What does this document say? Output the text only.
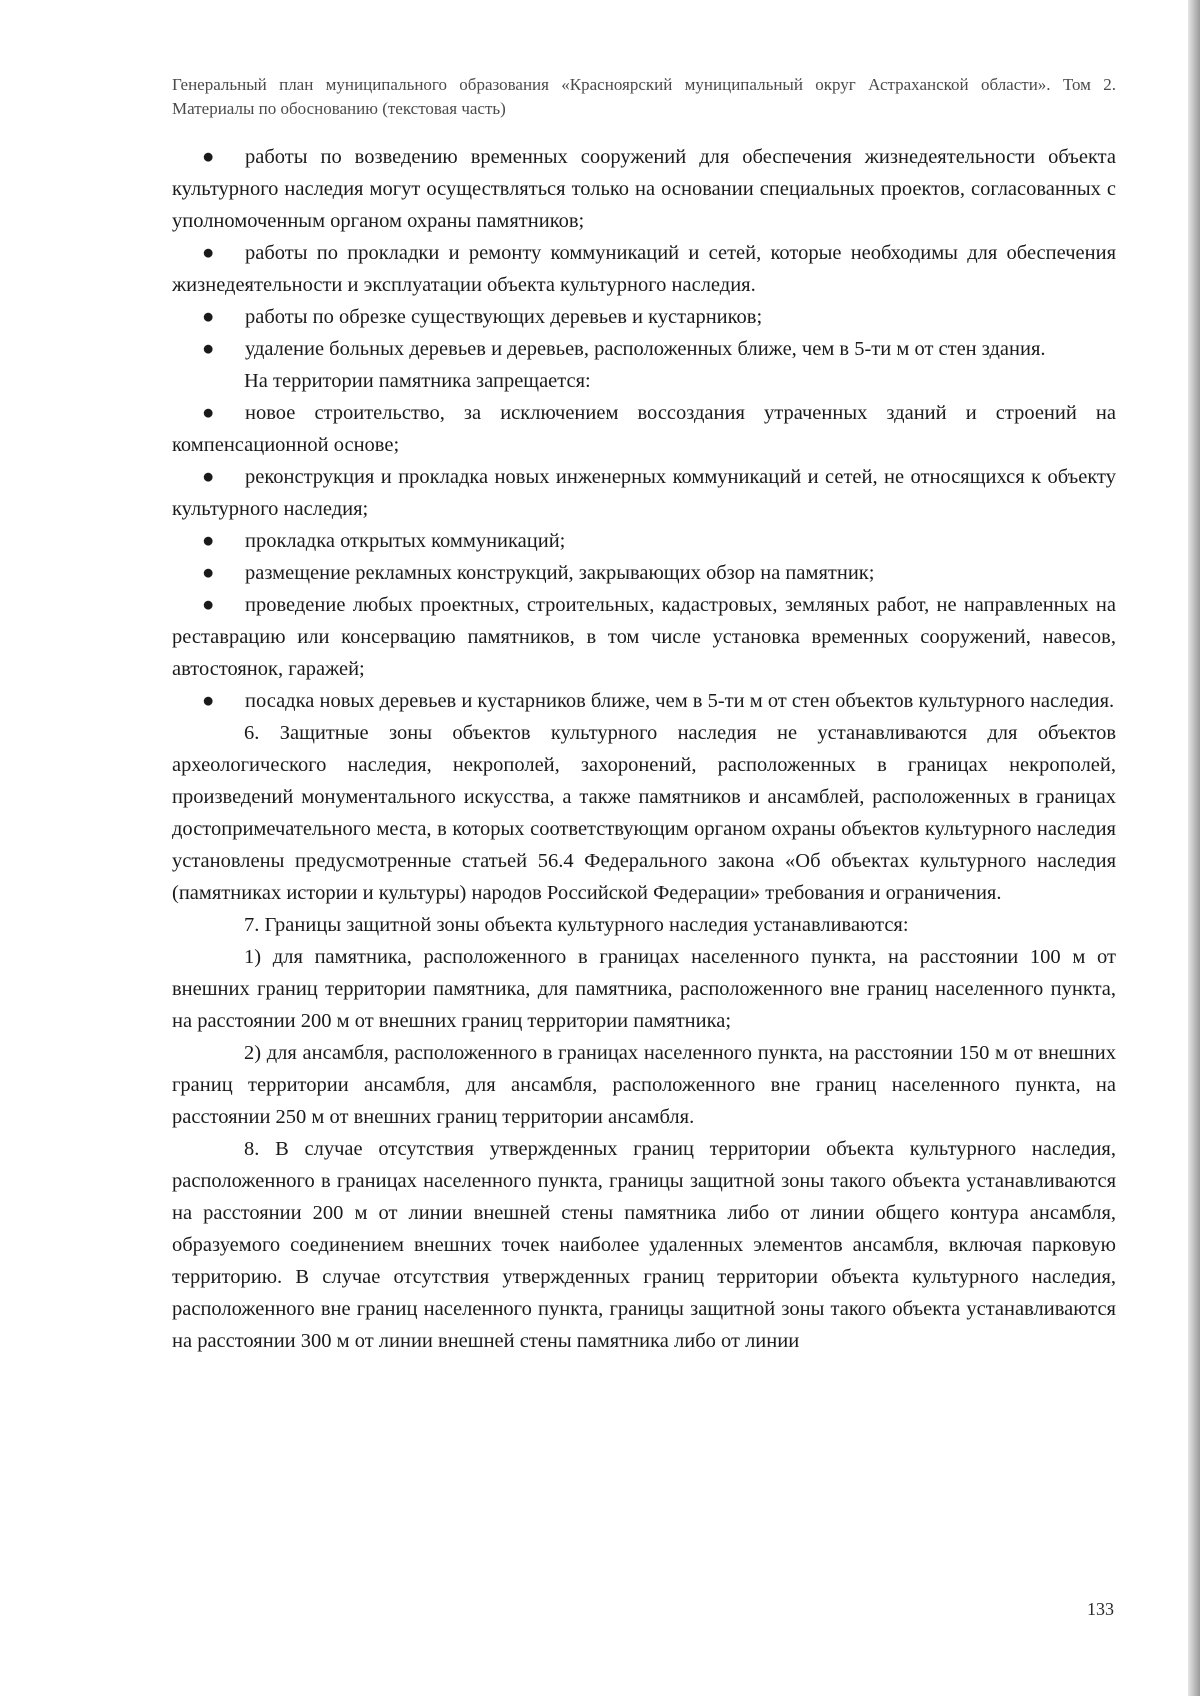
Генеральный план муниципального образования «Красноярский муниципальный округ Астраханской области». Том 2. Материалы по обоснованию (текстовая часть)

● работы по возведению временных сооружений для обеспечения жизнедеятельности объекта культурного наследия могут осуществляться только на основании специальных проектов, согласованных с уполномоченным органом охраны памятников;

● работы по прокладки и ремонту коммуникаций и сетей, которые необходимы для обеспечения жизнедеятельности и эксплуатации объекта культурного наследия.

● работы по обрезке существующих деревьев и кустарников;

● удаление больных деревьев и деревьев, расположенных ближе, чем в 5-ти м от стен здания.

На территории памятника запрещается:

● новое строительство, за исключением воссоздания утраченных зданий и строений на компенсационной основе;

● реконструкция и прокладка новых инженерных коммуникаций и сетей, не относящихся к объекту культурного наследия;

● прокладка открытых коммуникаций;

● размещение рекламных конструкций, закрывающих обзор на памятник;

● проведение любых проектных, строительных, кадастровых, земляных работ, не направленных на реставрацию или консервацию памятников, в том числе установка временных сооружений, навесов, автостоянок, гаражей;

● посадка новых деревьев и кустарников ближе, чем в 5-ти м от стен объектов культурного наследия.

6. Защитные зоны объектов культурного наследия не устанавливаются для объектов археологического наследия, некрополей, захоронений, расположенных в границах некрополей, произведений монументального искусства, а также памятников и ансамблей, расположенных в границах достопримечательного места, в которых соответствующим органом охраны объектов культурного наследия установлены предусмотренные статьей 56.4 Федерального закона «Об объектах культурного наследия (памятниках истории и культуры) народов Российской Федерации» требования и ограничения.

7. Границы защитной зоны объекта культурного наследия устанавливаются:

1) для памятника, расположенного в границах населенного пункта, на расстоянии 100 м от внешних границ территории памятника, для памятника, расположенного вне границ населенного пункта, на расстоянии 200 м от внешних границ территории памятника;

2) для ансамбля, расположенного в границах населенного пункта, на расстоянии 150 м от внешних границ территории ансамбля, для ансамбля, расположенного вне границ населенного пункта, на расстоянии 250 м от внешних границ территории ансамбля.

8. В случае отсутствия утвержденных границ территории объекта культурного наследия, расположенного в границах населенного пункта, границы защитной зоны такого объекта устанавливаются на расстоянии 200 м от линии внешней стены памятника либо от линии общего контура ансамбля, образуемого соединением внешних точек наиболее удаленных элементов ансамбля, включая парковую территорию. В случае отсутствия утвержденных границ территории объекта культурного наследия, расположенного вне границ населенного пункта, границы защитной зоны такого объекта устанавливаются на расстоянии 300 м от линии внешней стены памятника либо от линии

133
